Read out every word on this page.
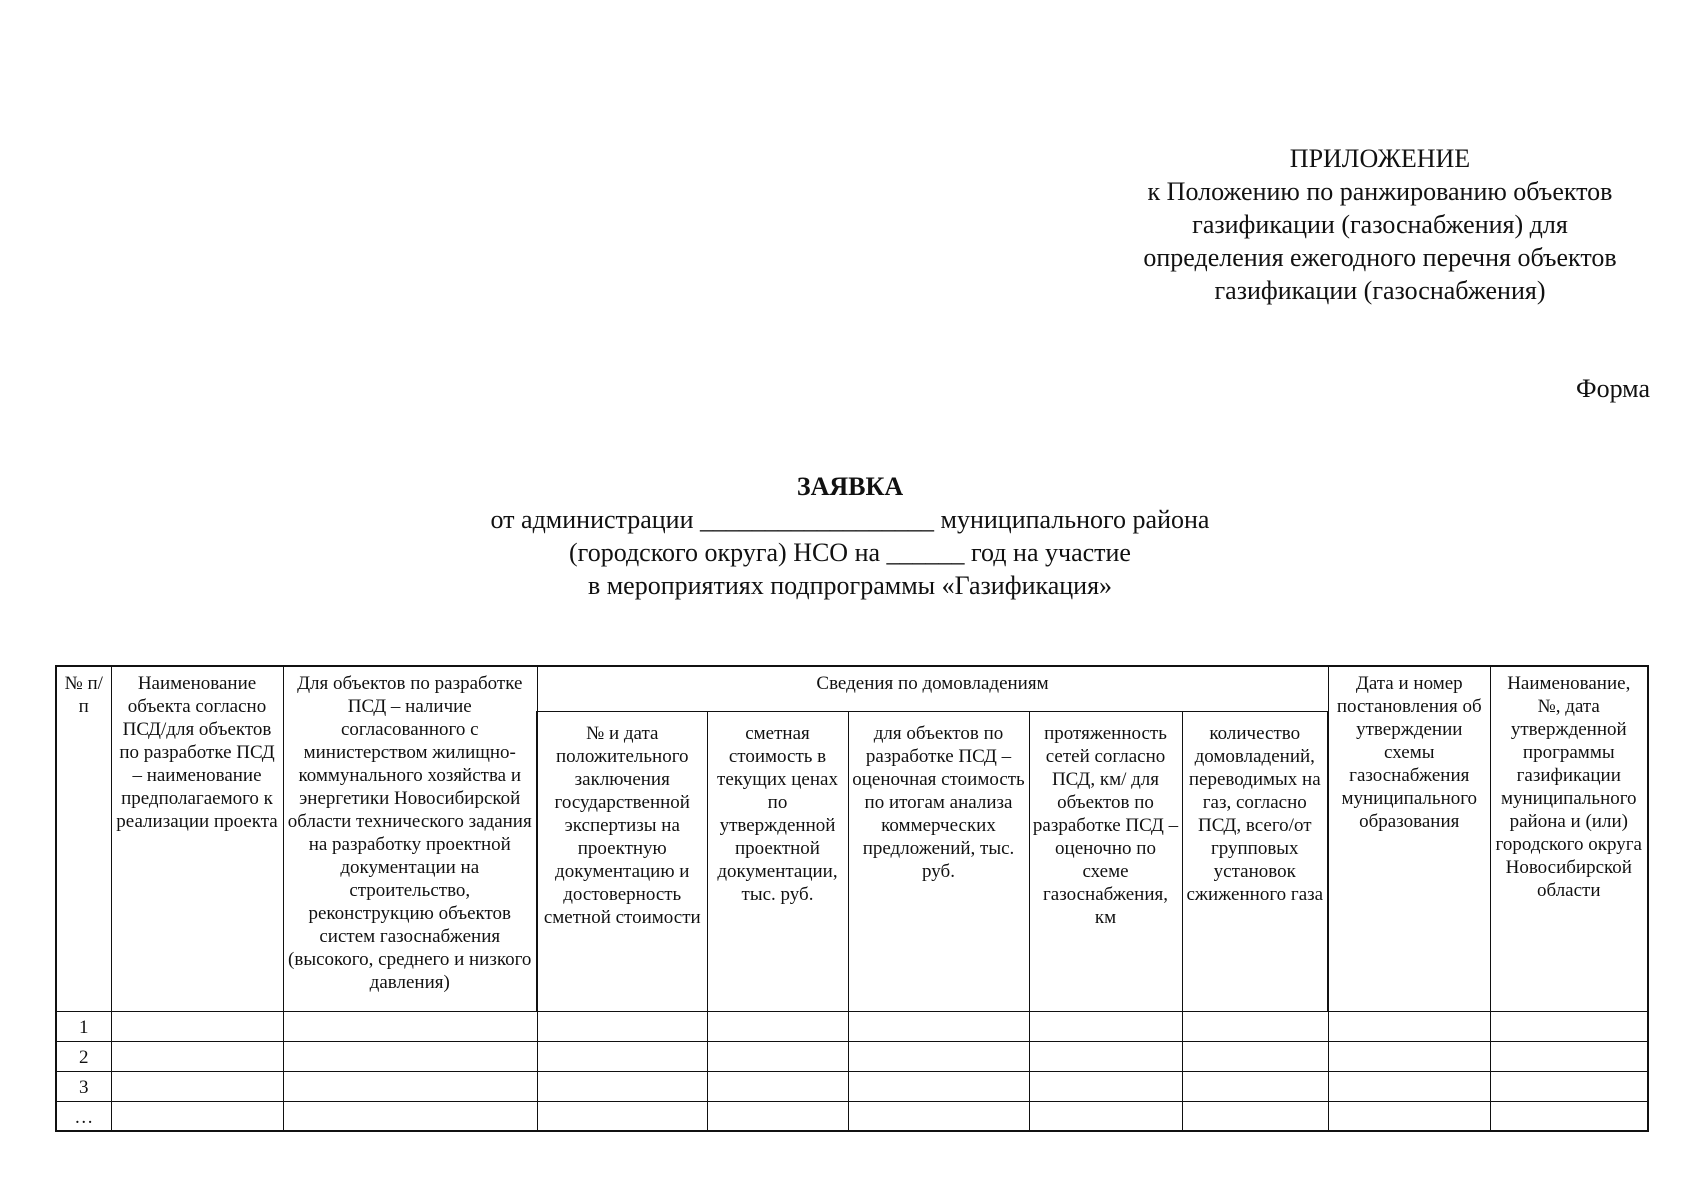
ПРИЛОЖЕНИЕ
к Положению по ранжированию объектов
газификации (газоснабжения) для
определения ежегодного перечня объектов
газификации (газоснабжения)
Форма
ЗАЯВКА
от администрации __________________ муниципального района
(городского округа) НСО на ______ год на участие
в мероприятиях подпрограммы «Газификация»
№ п/п	Наименование объекта согласно ПСД/для объектов по разработке ПСД – наименование предполагаемого к реализации проекта	Для объектов по разработке ПСД – наличие согласованного с министерством жилищно-коммунального хозяйства и энергетики Новосибирской области технического задания на разработку проектной документации на строительство, реконструкцию объектов систем газоснабжения (высокого, среднего и низкого давления)	Сведения по домовладениям					Дата и номер постановления об утверждении схемы газоснабжения муниципального образования	Наименование, №, дата утвержденной программы газификации муниципального района и (или) городского округа Новосибирской области
			№ и дата положительного заключения государственной экспертизы на проектную документацию и достоверность сметной стоимости	сметная стоимость в текущих ценах по утвержденной проектной документации, тыс. руб.	для объектов по разработке ПСД – оценочная стоимость по итогам анализа коммерческих предложений, тыс. руб.	протяженность сетей согласно ПСД, км/ для объектов по разработке ПСД – оценочно по схеме газоснабжения, км	количество домовладений, переводимых на газ, согласно ПСД, всего/от групповых установок сжиженного газа		
1									
2									
3									
…									
